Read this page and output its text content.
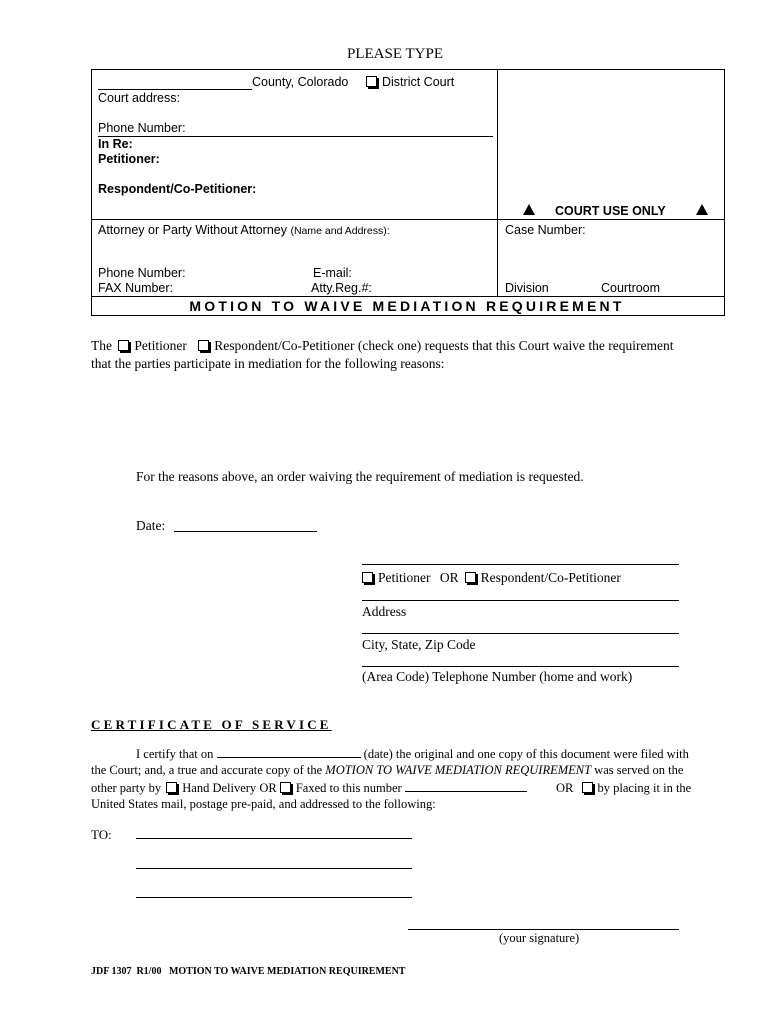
PLEASE TYPE
County, Colorado	District Court
Court address:
Phone Number:
In Re:
Petitioner:
Respondent/Co-Petitioner:
COURT USE ONLY
Attorney or Party Without Attorney (Name and Address):	Case Number:
Phone Number:	E-mail:
FAX Number:	Atty.Reg.#:	Division	Courtroom
MOTION TO WAIVE MEDIATION REQUIREMENT
The Petitioner Respondent/Co-Petitioner (check one) requests that this Court waive the requirement
that the parties participate in mediation for the following reasons:
For the reasons above, an order waiving the requirement of mediation is requested.
Date:
Petitioner OR Respondent/Co-Petitioner
Address
City, State, Zip Code
(Area Code) Telephone Number (home and work)
CERTIFICATE OF SERVICE
I certify that on	(date) the original and one copy of this document were filed with
the Court; and, a true and accurate copy of the MOTION TO WAIVE MEDIATION REQUIREMENT was served on the
other party by Hand Delivery OR Faxed to this number	OR by placing it in the
United States mail, postage pre-paid, and addressed to the following:
TO:
(your signature)
JDF 1307  R1/00   MOTION TO WAIVE MEDIATION REQUIREMENT
